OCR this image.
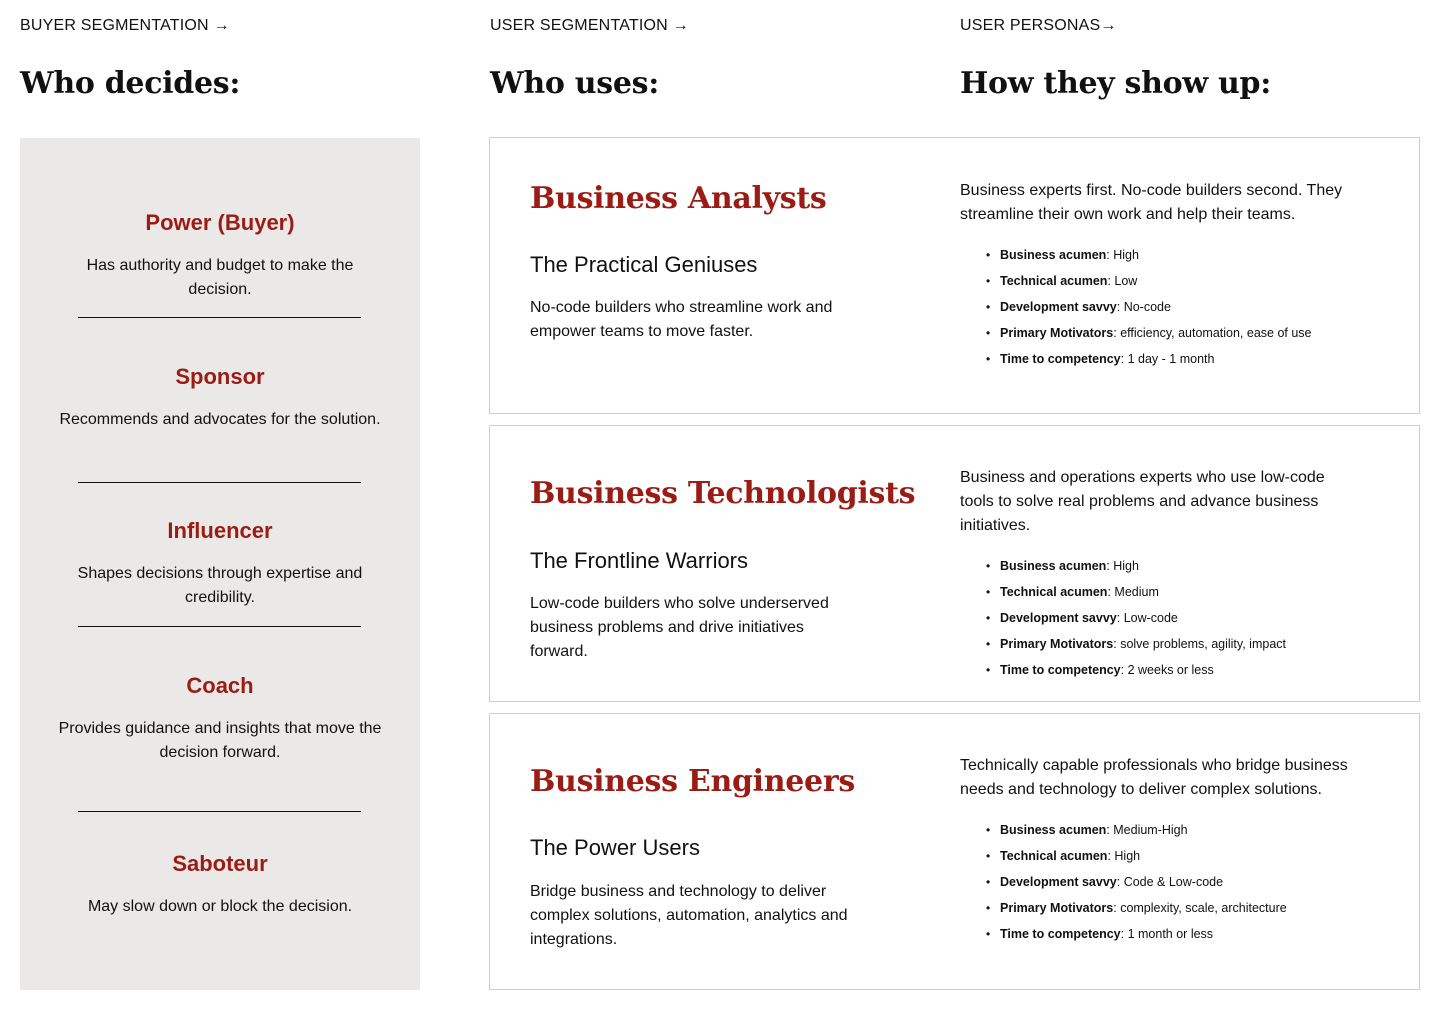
BUYER SEGMENTATION →	USER SEGMENTATION →	USER PERSONAS→
Who decides:	Who uses:	How they show up:
Power (Buyer)

Has authority and budget to make the decision.

Sponsor

Recommends and advocates for the solution.

Influencer

Shapes decisions through expertise and credibility.

Coach

Provides guidance and insights that move the decision forward.

Saboteur

May slow down or block the decision.

Business Analysts

The Practical Geniuses

No-code builders who streamline work and empower teams to move faster.

Business experts first. No-code builders second. They streamline their own work and help their teams.

• Business acumen: High
• Technical acumen: Low
• Development savvy: No-code
• Primary Motivators: efficiency, automation, ease of use
• Time to competency: 1 day - 1 month
Business Technologists

The Frontline Warriors

Low-code builders who solve underserved business problems and drive initiatives forward.

Business and operations experts who use low-code tools to solve real problems and advance business initiatives.

• Business acumen: High
• Technical acumen: Medium
• Development savvy: Low-code
• Primary Motivators: solve problems, agility, impact
• Time to competency: 2 weeks or less
Business Engineers

The Power Users

Bridge business and technology to deliver complex solutions, automation, analytics and integrations.

Technically capable professionals who bridge business needs and technology to deliver complex solutions.

• Business acumen: Medium-High
• Technical acumen: High
• Development savvy: Code & Low-code
• Primary Motivators: complexity, scale, architecture
• Time to competency: 1 month or less
